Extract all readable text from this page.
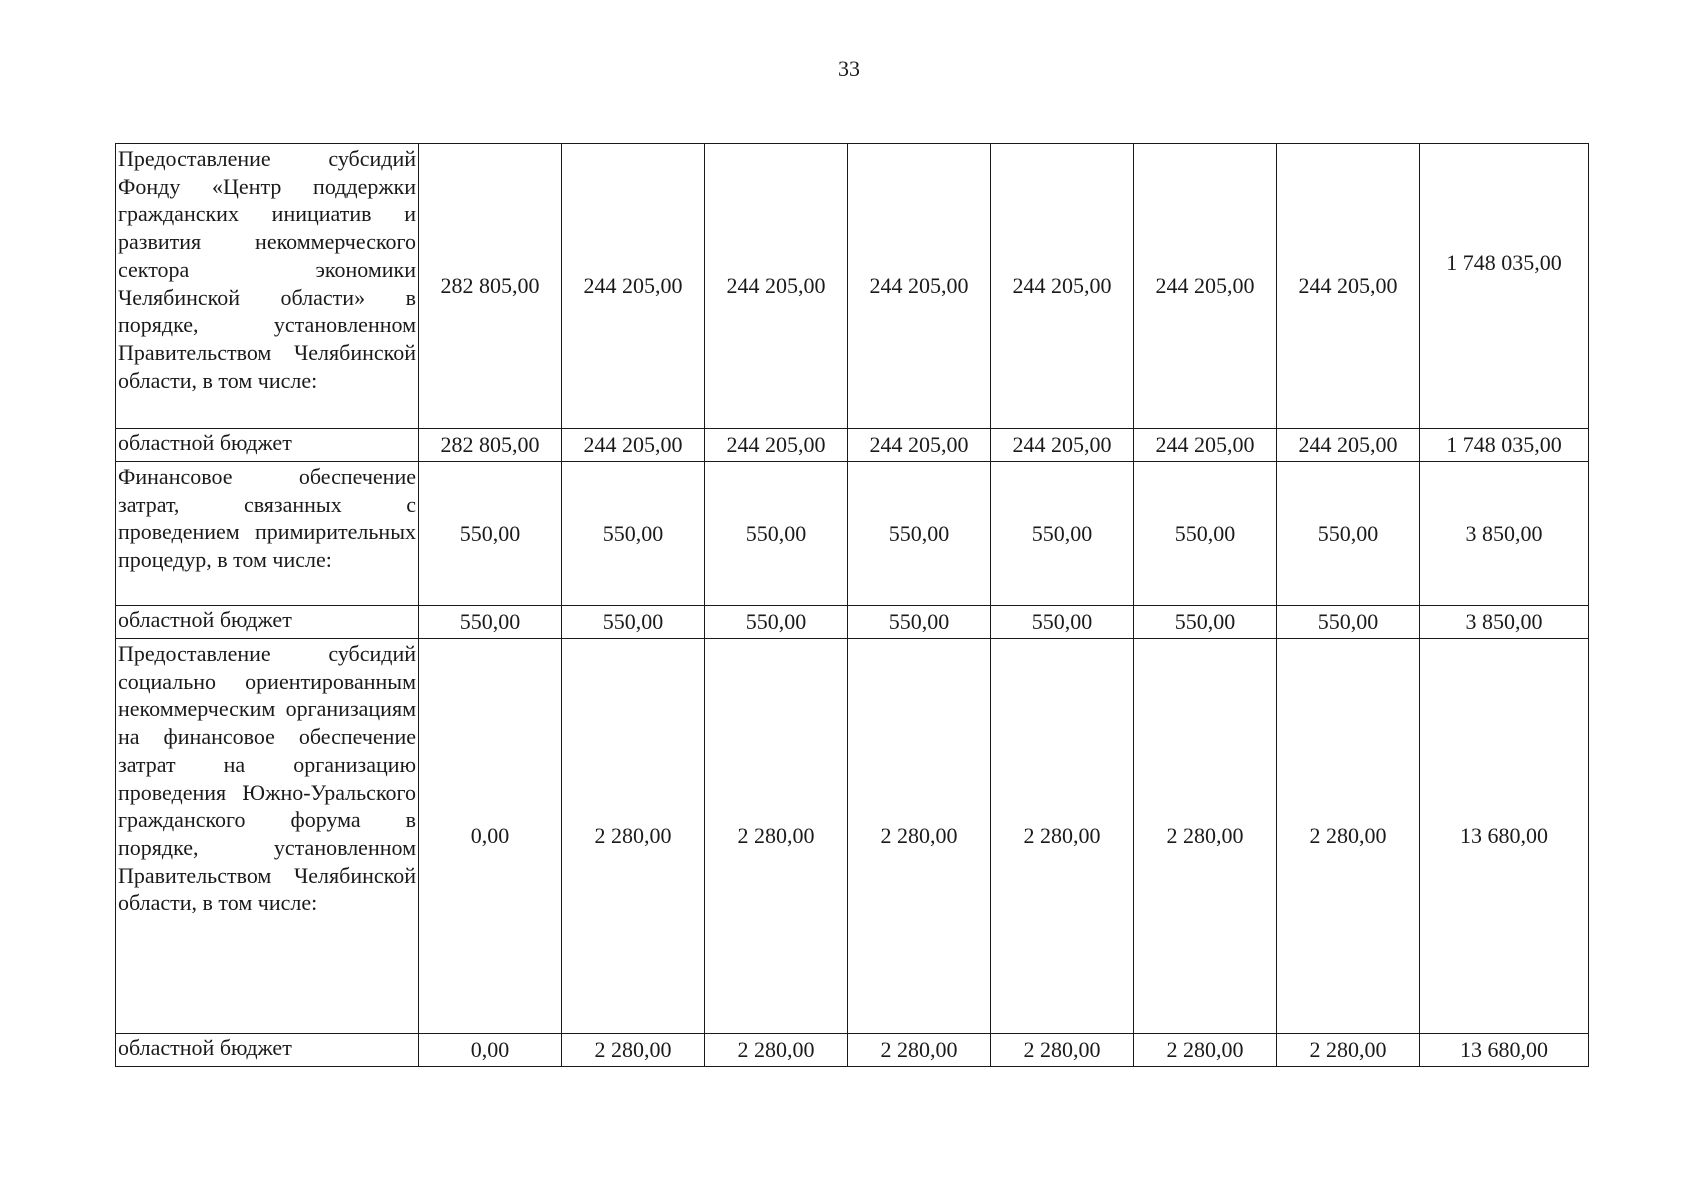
33
Предоставление субсидий Фонду «Центр поддержки гражданских инициатив и развития некоммерческого сектора экономики Челябинской области» в порядке, установленном Правительством Челябинской области, в том числе:	282 805,00	244 205,00	244 205,00	244 205,00	244 205,00	244 205,00	244 205,00	1 748 035,00
областной бюджет	282 805,00	244 205,00	244 205,00	244 205,00	244 205,00	244 205,00	244 205,00	1 748 035,00
Финансовое обеспечение затрат, связанных с проведением примирительных процедур, в том числе:	550,00	550,00	550,00	550,00	550,00	550,00	550,00	3 850,00
областной бюджет	550,00	550,00	550,00	550,00	550,00	550,00	550,00	3 850,00
Предоставление субсидий социально ориентированным некоммерческим организациям на финансовое обеспечение затрат на организацию проведения Южно-Уральского гражданского форума в порядке, установленном Правительством Челябинской области, в том числе:	0,00	2 280,00	2 280,00	2 280,00	2 280,00	2 280,00	2 280,00	13 680,00
областной бюджет	0,00	2 280,00	2 280,00	2 280,00	2 280,00	2 280,00	2 280,00	13 680,00
